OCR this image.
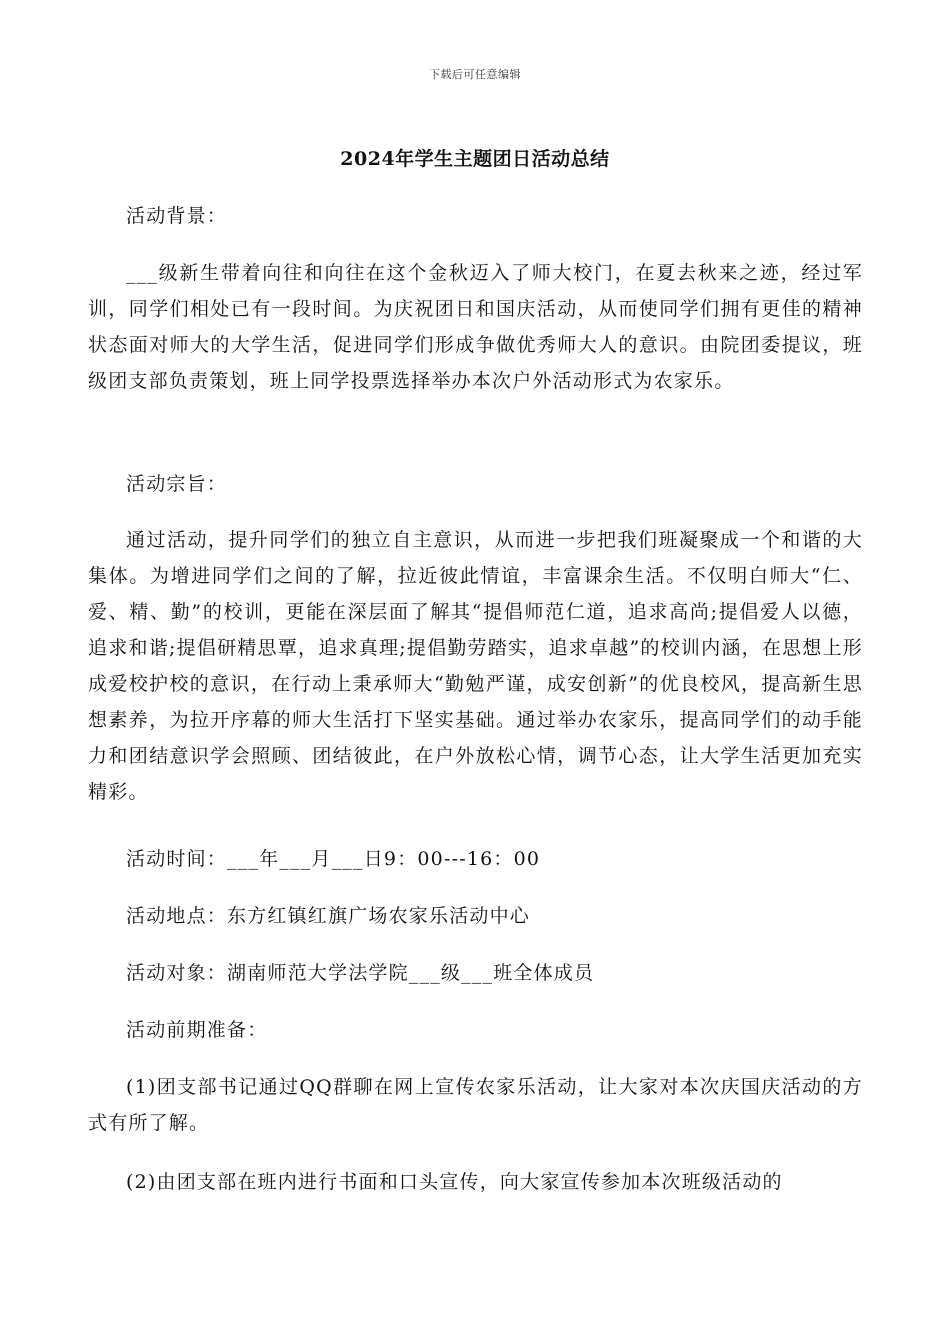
下载后可任意编辑
2024年学生主题团日活动总结

活动背景：

___级新生带着向往和向往在这个金秋迈入了师大校门，在夏去秋来之迹，经过军训，同学们相处已有一段时间。为庆祝团日和国庆活动，从而使同学们拥有更佳的精神状态面对师大的大学生活，促进同学们形成争做优秀师大人的意识。由院团委提议，班级团支部负责策划，班上同学投票选择举办本次户外活动形式为农家乐。

活动宗旨：

通过活动，提升同学们的独立自主意识，从而进一步把我们班凝聚成一个和谐的大集体。为增进同学们之间的了解，拉近彼此情谊，丰富课余生活。不仅明白师大“仁、爱、精、勤”的校训，更能在深层面了解其“提倡师范仁道，追求高尚;提倡爱人以德，追求和谐;提倡研精思覃，追求真理;提倡勤劳踏实，追求卓越”的校训内涵，在思想上形成爱校护校的意识，在行动上秉承师大“勤勉严谨，成安创新”的优良校风，提高新生思想素养，为拉开序幕的师大生活打下坚实基础。通过举办农家乐，提高同学们的动手能力和团结意识学会照顾、团结彼此，在户外放松心情，调节心态，让大学生活更加充实精彩。

活动时间：___年___月___日9：00---16：00

活动地点：东方红镇红旗广场农家乐活动中心

活动对象：湖南师范大学法学院___级___班全体成员

活动前期准备：

(1)团支部书记通过QQ群聊在网上宣传农家乐活动，让大家对本次庆国庆活动的方式有所了解。

(2)由团支部在班内进行书面和口头宣传，向大家宣传参加本次班级活动的
